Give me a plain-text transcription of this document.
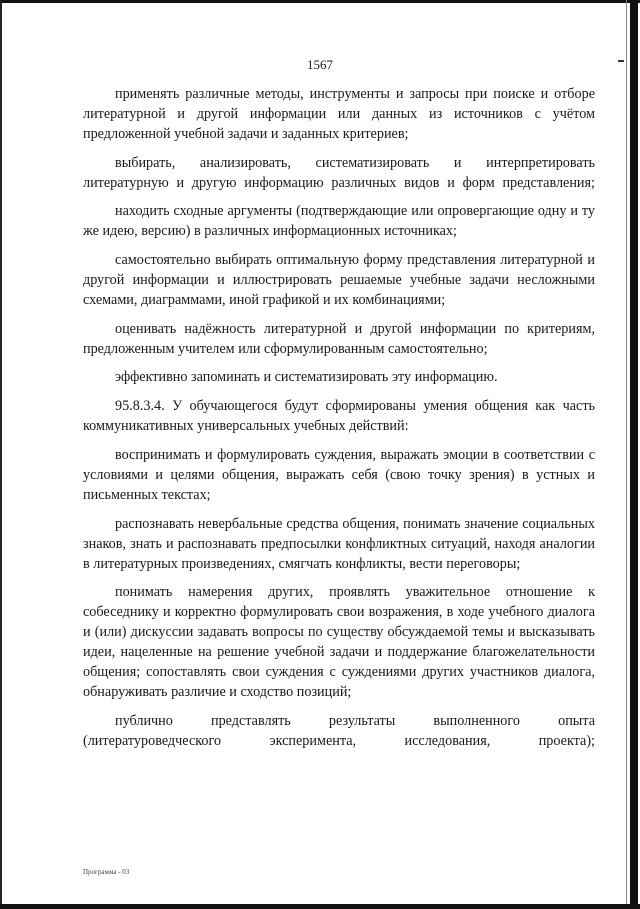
1567

применять различные методы, инструменты и запросы при поиске и отборе литературной и другой информации или данных из источников с учётом предложенной учебной задачи и заданных критериев;

выбирать, анализировать, систематизировать и интерпретировать литературную и другую информацию различных видов и форм представления;

находить сходные аргументы (подтверждающие или опровергающие одну и ту же идею, версию) в различных информационных источниках;

самостоятельно выбирать оптимальную форму представления литературной и другой информации и иллюстрировать решаемые учебные задачи несложными схемами, диаграммами, иной графикой и их комбинациями;

оценивать надёжность литературной и другой информации по критериям, предложенным учителем или сформулированным самостоятельно;

эффективно запоминать и систематизировать эту информацию.

95.8.3.4. У обучающегося будут сформированы умения общения как часть коммуникативных универсальных учебных действий:

воспринимать и формулировать суждения, выражать эмоции в соответствии с условиями и целями общения, выражать себя (свою точку зрения) в устных и письменных текстах;

распознавать невербальные средства общения, понимать значение социальных знаков, знать и распознавать предпосылки конфликтных ситуаций, находя аналогии в литературных произведениях, смягчать конфликты, вести переговоры;

понимать намерения других, проявлять уважительное отношение к собеседнику и корректно формулировать свои возражения, в ходе учебного диалога и (или) дискуссии задавать вопросы по существу обсуждаемой темы и высказывать идеи, нацеленные на решение учебной задачи и поддержание благожелательности общения; сопоставлять свои суждения с суждениями других участников диалога, обнаруживать различие и сходство позиций;

публично представлять результаты выполненного опыта (литературоведческого эксперимента, исследования, проекта);

Программа - 03
